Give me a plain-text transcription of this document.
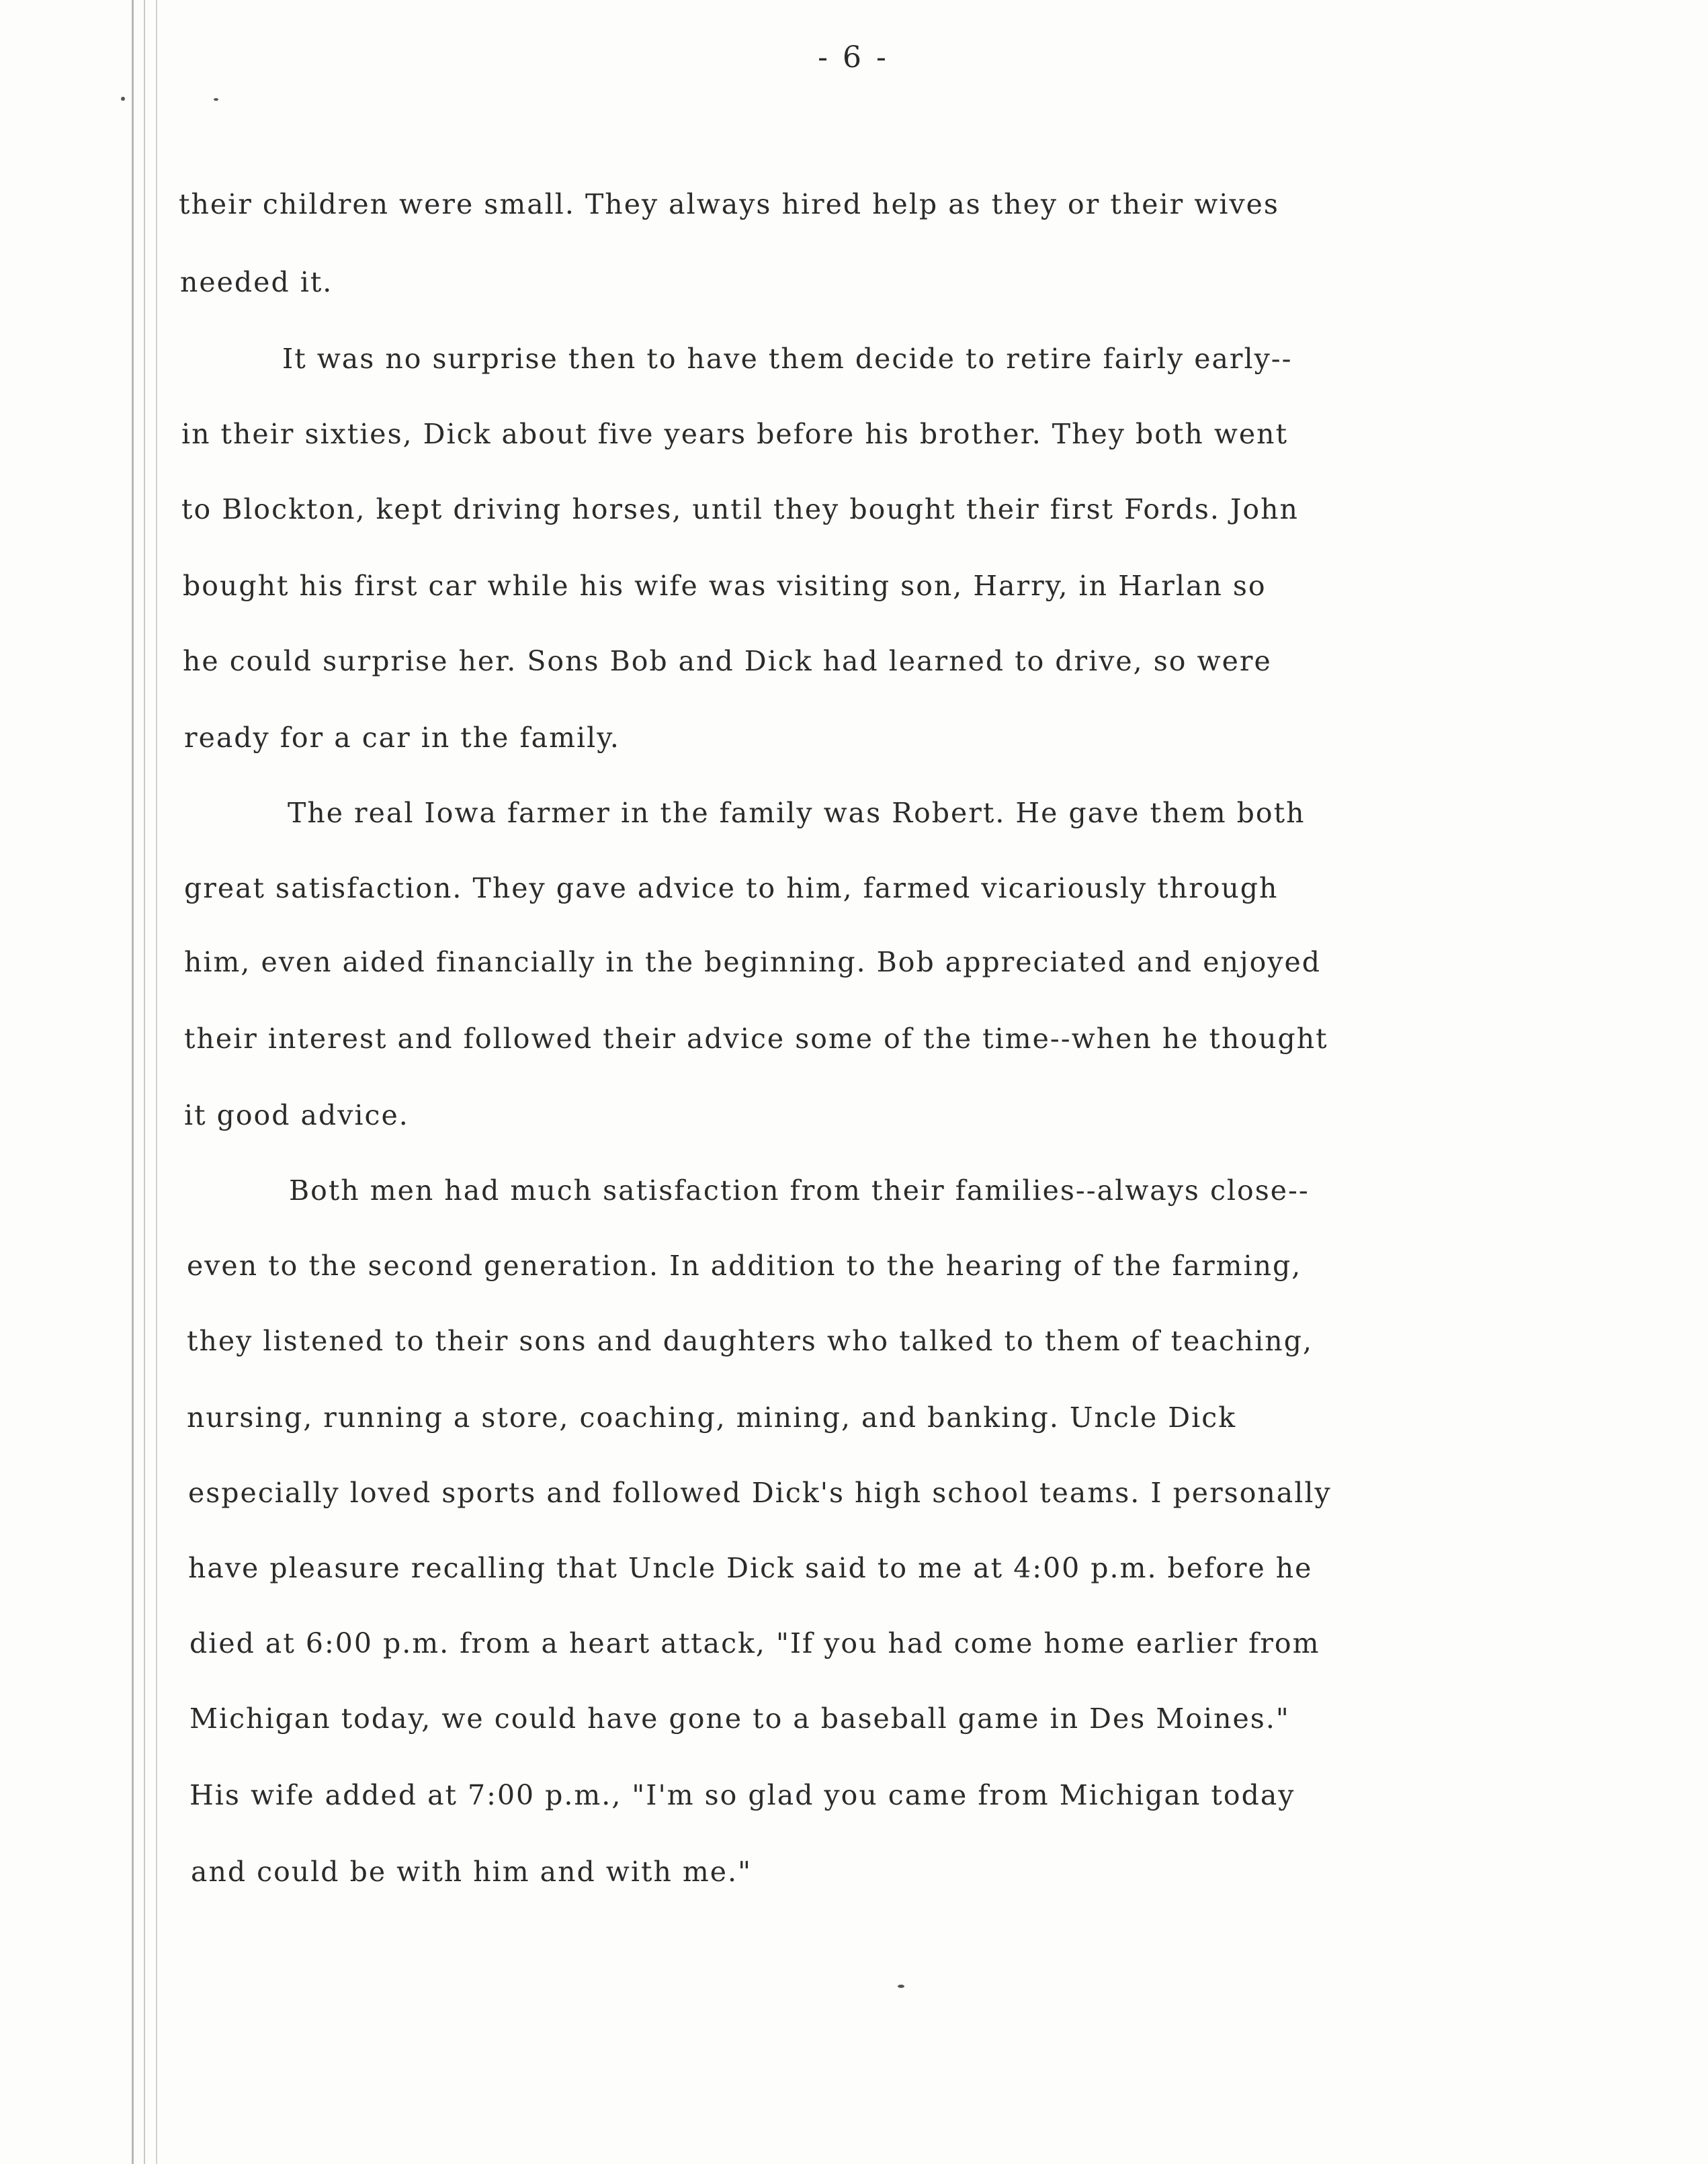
- 6 -

their children were small. They always hired help as they or their wives

needed it.

It was no surprise then to have them decide to retire fairly early--

in their sixties, Dick about five years before his brother. They both went

to Blockton, kept driving horses, until they bought their first Fords. John

bought his first car while his wife was visiting son, Harry, in Harlan so

he could surprise her. Sons Bob and Dick had learned to drive, so were

ready for a car in the family.

The real Iowa farmer in the family was Robert. He gave them both

great satisfaction. They gave advice to him, farmed vicariously through

him, even aided financially in the beginning. Bob appreciated and enjoyed

their interest and followed their advice some of the time--when he thought

it good advice.

Both men had much satisfaction from their families--always close--

even to the second generation. In addition to the hearing of the farming,

they listened to their sons and daughters who talked to them of teaching,

nursing, running a store, coaching, mining, and banking. Uncle Dick

especially loved sports and followed Dick's high school teams. I personally

have pleasure recalling that Uncle Dick said to me at 4:00 p.m. before he

died at 6:00 p.m. from a heart attack, "If you had come home earlier from

Michigan today, we could have gone to a baseball game in Des Moines."

His wife added at 7:00 p.m., "I'm so glad you came from Michigan today

and could be with him and with me."
